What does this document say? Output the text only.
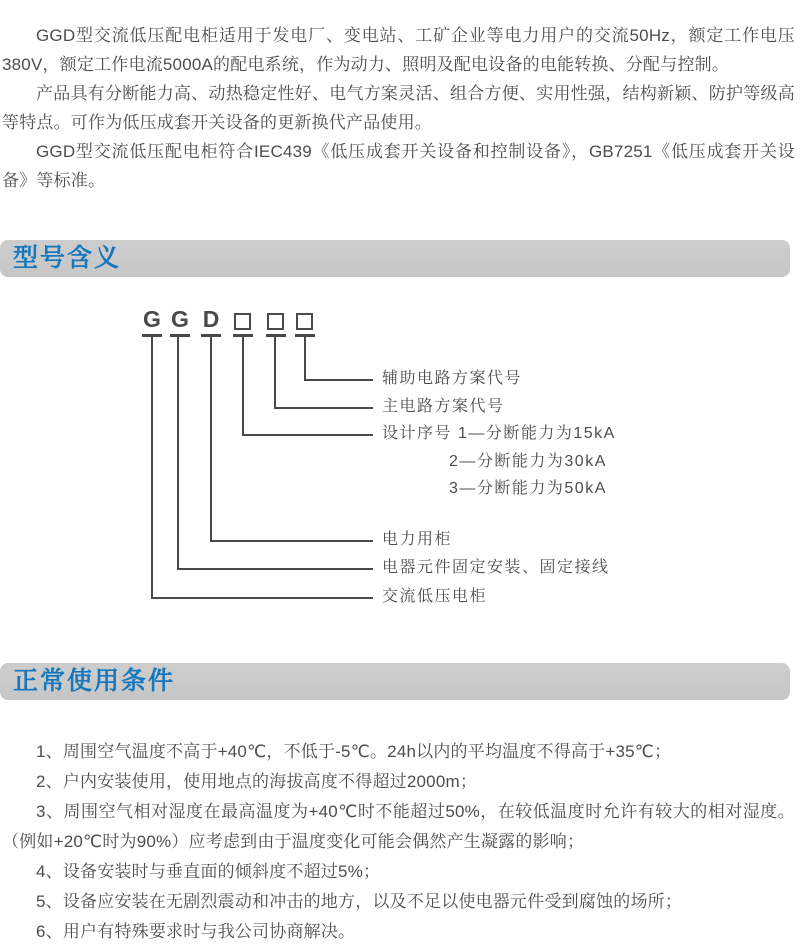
GGD型交流低压配电柜适用于发电厂、变电站、工矿企业等电力用户的交流50Hz，额定工作电压380V，额定工作电流5000A的配电系统，作为动力、照明及配电设备的电能转换、分配与控制。

产品具有分断能力高、动热稳定性好、电气方案灵活、组合方便、实用性强，结构新颖、防护等级高等特点。可作为低压成套开关设备的更新换代产品使用。

GGD型交流低压配电柜符合IEC439《低压成套开关设备和控制设备》，GB7251《低压成套开关设备》等标准。

型号含义
G G D
辅助电路方案代号
主电路方案代号
设计序号 1—分断能力为15kA
2—分断能力为30kA
3—分断能力为50kA
电力用柜
电器元件固定安装、固定接线
交流低压电柜
正常使用条件

1、周围空气温度不高于+40℃，不低于-5℃。24h以内的平均温度不得高于+35℃；

2、户内安装使用，使用地点的海拔高度不得超过2000m；

3、周围空气相对湿度在最高温度为+40℃时不能超过50%，在较低温度时允许有较大的相对湿度。（例如+20℃时为90%）应考虑到由于温度变化可能会偶然产生凝露的影响；

4、设备安装时与垂直面的倾斜度不超过5%；

5、设备应安装在无剧烈震动和冲击的地方，以及不足以使电器元件受到腐蚀的场所；

6、用户有特殊要求时与我公司协商解决。
